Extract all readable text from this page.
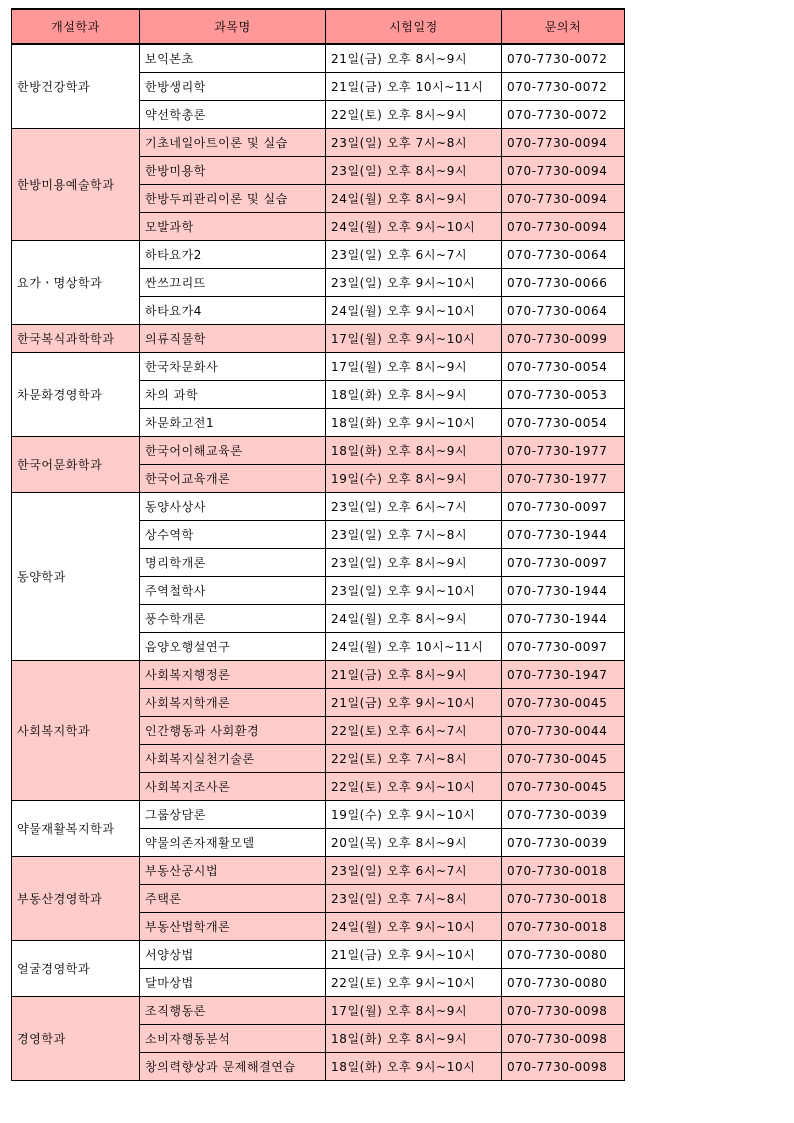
개설학과	과목명	시험일정	문의처
한방건강학과	보익본초	21일(금) 오후 8시~9시	070-7730-0072
	한방생리학	21일(금) 오후 10시~11시	070-7730-0072
	약선학총론	22일(토) 오후 8시~9시	070-7730-0072
한방미용예술학과	기초네일아트이론 및 실습	23일(일) 오후 7시~8시	070-7730-0094
	한방미용학	23일(일) 오후 8시~9시	070-7730-0094
	한방두피관리이론 및 실습	24일(월) 오후 8시~9시	070-7730-0094
	모발과학	24일(월) 오후 9시~10시	070-7730-0094
요가ㆍ명상학과	하타요가2	23일(일) 오후 6시~7시	070-7730-0064
	싼쓰끄리뜨	23일(일) 오후 9시~10시	070-7730-0066
	하타요가4	24일(월) 오후 9시~10시	070-7730-0064
한국복식과학학과	의류직물학	17일(월) 오후 9시~10시	070-7730-0099
차문화경영학과	한국차문화사	17일(월) 오후 8시~9시	070-7730-0054
	차의 과학	18일(화) 오후 8시~9시	070-7730-0053
	차문화고전1	18일(화) 오후 9시~10시	070-7730-0054
한국어문화학과	한국어이해교육론	18일(화) 오후 8시~9시	070-7730-1977
	한국어교육개론	19일(수) 오후 8시~9시	070-7730-1977
동양학과	동양사상사	23일(일) 오후 6시~7시	070-7730-0097
	상수역학	23일(일) 오후 7시~8시	070-7730-1944
	명리학개론	23일(일) 오후 8시~9시	070-7730-0097
	주역철학사	23일(일) 오후 9시~10시	070-7730-1944
	풍수학개론	24일(월) 오후 8시~9시	070-7730-1944
	음양오행설연구	24일(월) 오후 10시~11시	070-7730-0097
사회복지학과	사회복지행정론	21일(금) 오후 8시~9시	070-7730-1947
	사회복지학개론	21일(금) 오후 9시~10시	070-7730-0045
	인간행동과 사회환경	22일(토) 오후 6시~7시	070-7730-0044
	사회복지실천기술론	22일(토) 오후 7시~8시	070-7730-0045
	사회복지조사론	22일(토) 오후 9시~10시	070-7730-0045
약물재활복지학과	그룹상담론	19일(수) 오후 9시~10시	070-7730-0039
	약물의존자재활모델	20일(목) 오후 8시~9시	070-7730-0039
부동산경영학과	부동산공시법	23일(일) 오후 6시~7시	070-7730-0018
	주택론	23일(일) 오후 7시~8시	070-7730-0018
	부동산법학개론	24일(월) 오후 9시~10시	070-7730-0018
얼굴경영학과	서양상법	21일(금) 오후 9시~10시	070-7730-0080
	달마상법	22일(토) 오후 9시~10시	070-7730-0080
경영학과	조직행동론	17일(월) 오후 8시~9시	070-7730-0098
	소비자행동분석	18일(화) 오후 8시~9시	070-7730-0098
	창의력향상과 문제해결연습	18일(화) 오후 9시~10시	070-7730-0098
